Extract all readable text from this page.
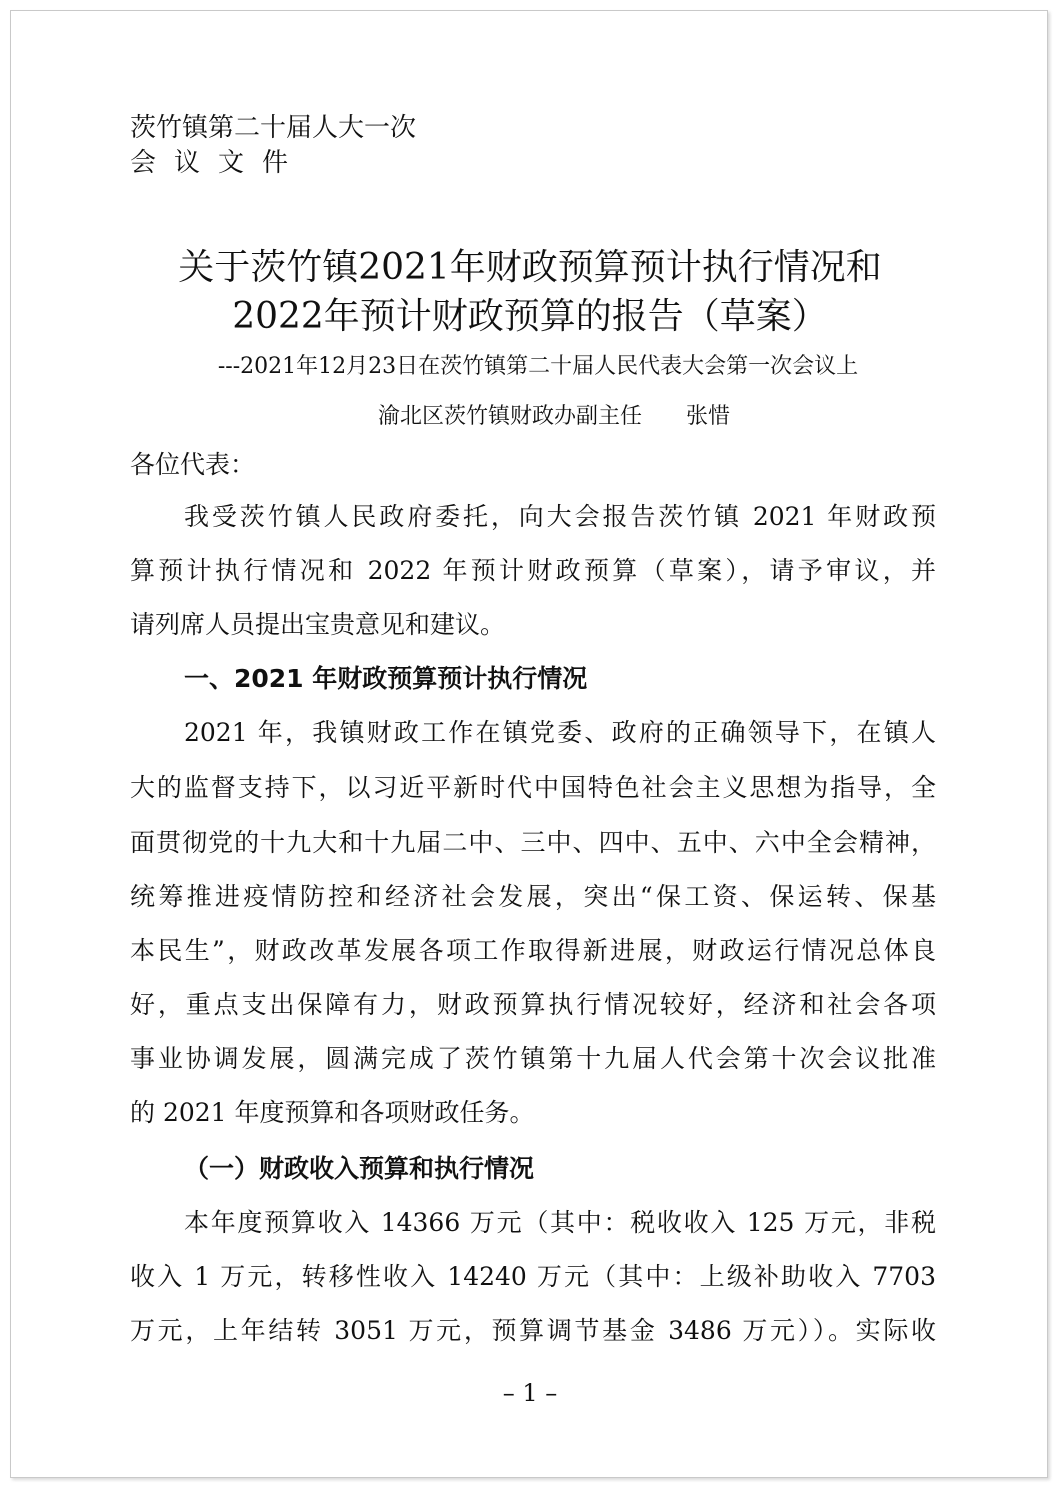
茨竹镇第二十届人大一次
会议文件
关于茨竹镇2021年财政预算预计执行情况和
2022年预计财政预算的报告（草案）
---2021年12月23日在茨竹镇第二十届人民代表大会第一次会议上
渝北区茨竹镇财政办副主任　　张惜
各位代表：
我受茨竹镇人民政府委托，向大会报告茨竹镇 2021 年财政预
算预计执行情况和 2022 年预计财政预算（草案），请予审议，并
请列席人员提出宝贵意见和建议。
一、2021 年财政预算预计执行情况
2021 年，我镇财政工作在镇党委、政府的正确领导下，在镇人
大的监督支持下，以习近平新时代中国特色社会主义思想为指导，全
面贯彻党的十九大和十九届二中、三中、四中、五中、六中全会精神，
统筹推进疫情防控和经济社会发展，突出“保工资、保运转、保基
本民生”，财政改革发展各项工作取得新进展，财政运行情况总体良
好，重点支出保障有力，财政预算执行情况较好，经济和社会各项
事业协调发展，圆满完成了茨竹镇第十九届人代会第十次会议批准
的 2021 年度预算和各项财政任务。
（一）财政收入预算和执行情况
本年度预算收入 14366 万元（其中：税收收入 125 万元，非税
收入 1 万元，转移性收入 14240 万元（其中：上级补助收入 7703
万元，上年结转 3051 万元，预算调节基金 3486 万元））。实际收
– 1 –
